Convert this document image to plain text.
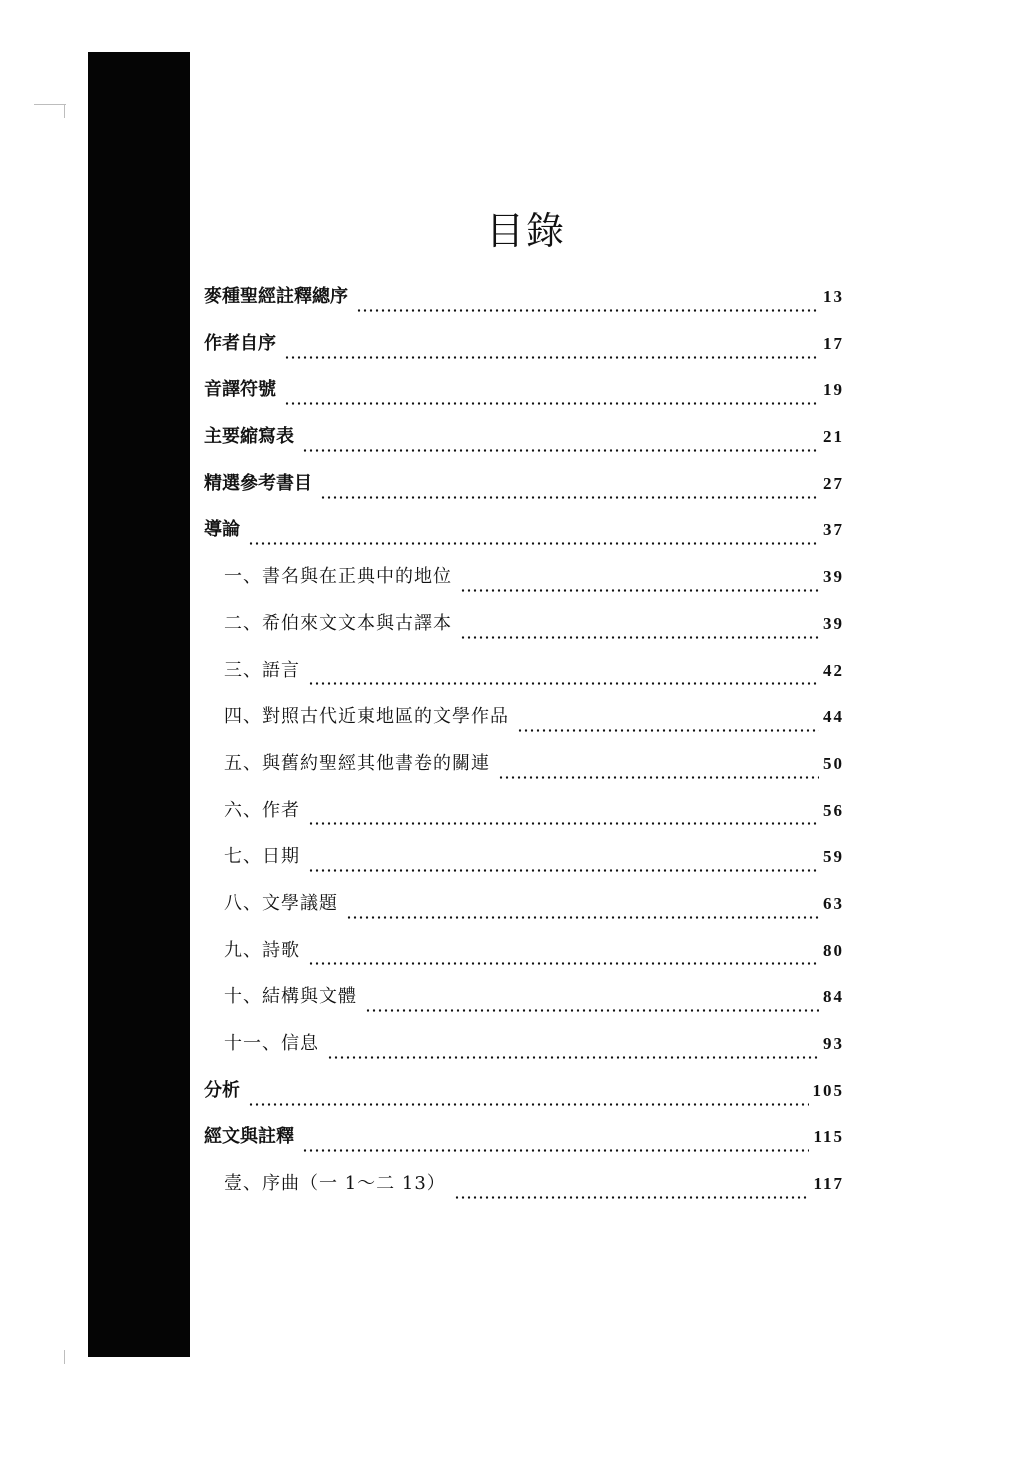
目錄
麥種聖經註釋總序	13
作者自序	17
音譯符號	19
主要縮寫表	21
精選參考書目	27
導論	37
一、書名與在正典中的地位	39
二、希伯來文文本與古譯本	39
三、語言	42
四、對照古代近東地區的文學作品	44
五、與舊約聖經其他書卷的關連	50
六、作者	56
七、日期	59
八、文學議題	63
九、詩歌	80
十、結構與文體	84
十一、信息	93
分析	105
經文與註釋	115
壹、序曲（一 1～二 13）	117
